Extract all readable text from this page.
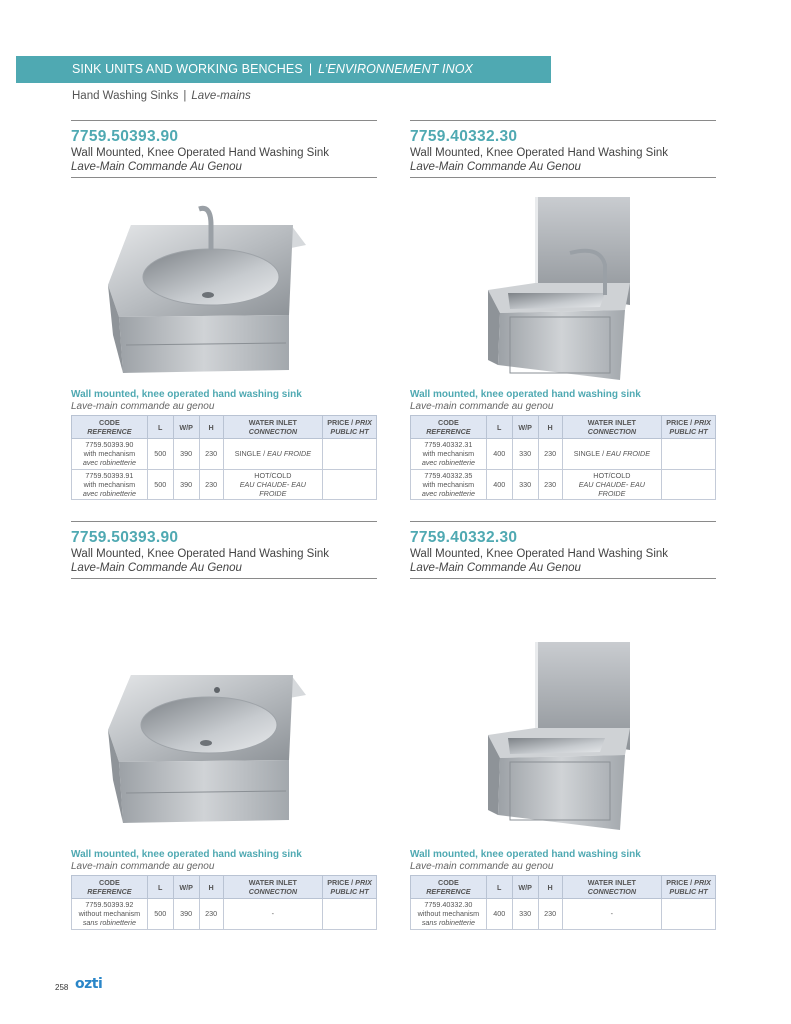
SINK UNITS AND WORKING BENCHES | L’ENVIRONNEMENT INOX
Hand Washing Sinks | Lave-mains
7759.50393.90
Wall Mounted, Knee Operated Hand Washing Sink
Lave-Main Commande Au Genou
Wall mounted, knee operated hand washing sink
Lave-main commande au genou
CODE
REFERENCE	L	W/P	H	WATER INLET
CONNECTION	PRICE / PRIX
PUBLIC HT
7759.50393.90
with mechanism
avec robinetterie	500	390	230	SINGLE / EAU FROIDE	
7759.50393.91
with mechanism
avec robinetterie	500	390	230	HOT/COLD
EAU CHAUDE- EAU
FROIDE	
7759.40332.30
Wall Mounted, Knee Operated Hand Washing Sink
Lave-Main Commande Au Genou
Wall mounted, knee operated hand washing sink
Lave-main commande au genou
CODE
REFERENCE	L	W/P	H	WATER INLET
CONNECTION	PRICE / PRIX
PUBLIC HT
7759.40332.31
with mechanism
avec robinetterie	400	330	230	SINGLE / EAU FROIDE	
7759.40332.35
with mechanism
avec robinetterie	400	330	230	HOT/COLD
EAU CHAUDE- EAU
FROIDE	
7759.50393.90
Wall Mounted, Knee Operated Hand Washing Sink
Lave-Main Commande Au Genou
Wall mounted, knee operated hand washing sink
Lave-main commande au genou
CODE
REFERENCE	L	W/P	H	WATER INLET
CONNECTION	PRICE / PRIX
PUBLIC HT
7759.50393.92
without mechanism
sans robinetterie	500	390	230	-	
7759.40332.30
Wall Mounted, Knee Operated Hand Washing Sink
Lave-Main Commande Au Genou
Wall mounted, knee operated hand washing sink
Lave-main commande au genou
CODE
REFERENCE	L	W/P	H	WATER INLET
CONNECTION	PRICE / PRIX
PUBLIC HT
7759.40332.30
without mechanism
sans robinetterie	400	330	230	-	
258 ozti
